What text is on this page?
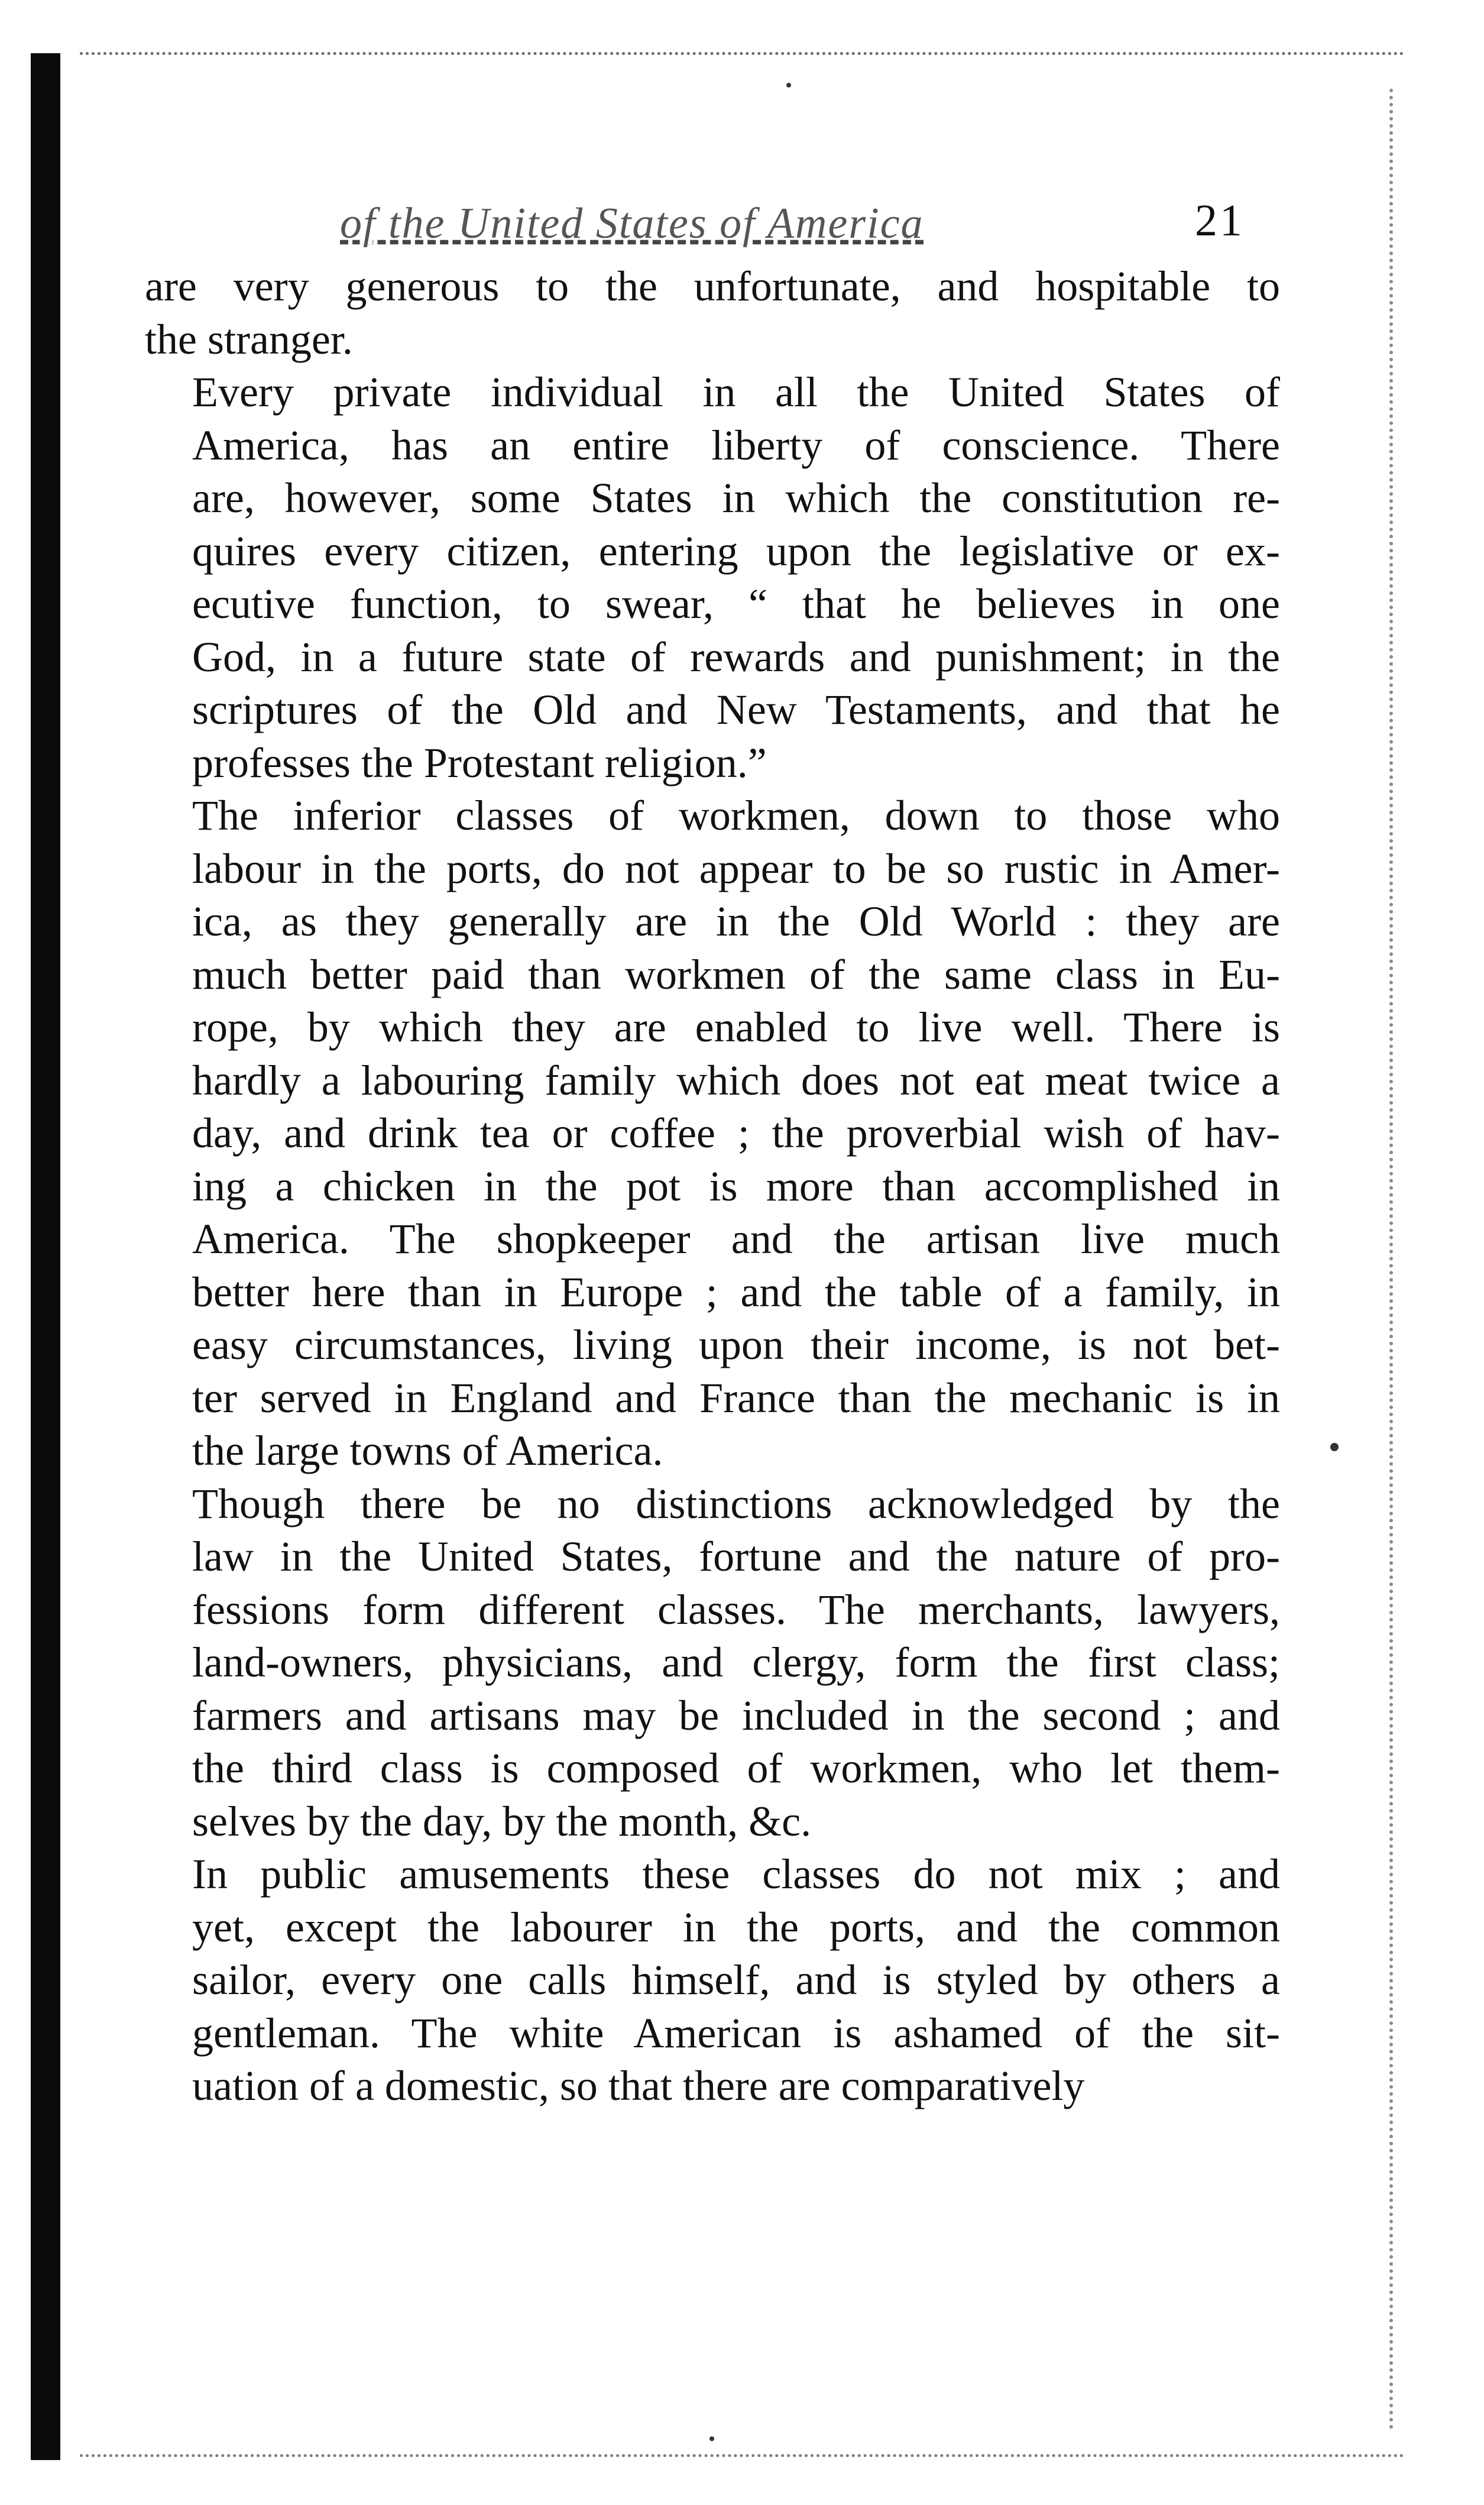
of the United States of America	21

are very generous to the unfortunate, and hospitable to
the stranger.

Every private individual in all the United States of
America, has an entire liberty of conscience. There
are, however, some States in which the constitution re-
quires every citizen, entering upon the legislative or ex-
ecutive function, to swear, “ that he believes in one
God, in a future state of rewards and punishment; in the
scriptures of the Old and New Testaments, and that he
professes the Protestant religion.”

The inferior classes of workmen, down to those who
labour in the ports, do not appear to be so rustic in Amer-
ica, as they generally are in the Old World : they are
much better paid than workmen of the same class in Eu-
rope, by which they are enabled to live well. There is
hardly a labouring family which does not eat meat twice a
day, and drink tea or coffee ; the proverbial wish of hav-
ing a chicken in the pot is more than accomplished in
America. The shopkeeper and the artisan live much
better here than in Europe ; and the table of a family, in
easy circumstances, living upon their income, is not bet-
ter served in England and France than the mechanic is in
the large towns of America.

Though there be no distinctions acknowledged by the
law in the United States, fortune and the nature of pro-
fessions form different classes. The merchants, lawyers,
land-owners, physicians, and clergy, form the first class;
farmers and artisans may be included in the second ; and
the third class is composed of workmen, who let them-
selves by the day, by the month, &c.

In public amusements these classes do not mix ; and
yet, except the labourer in the ports, and the common
sailor, every one calls himself, and is styled by others a
gentleman. The white American is ashamed of the sit-
uation of a domestic, so that there are comparatively
